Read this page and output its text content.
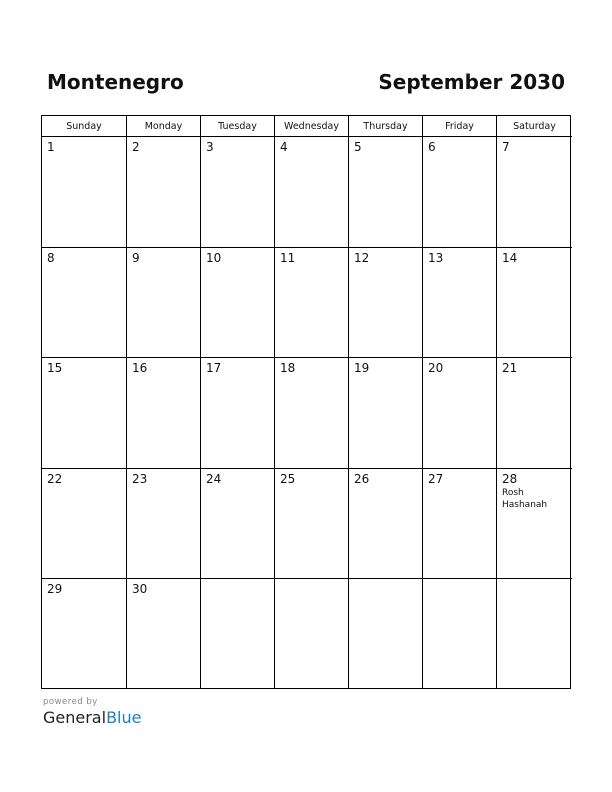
Montenegro	September 2030
Sunday	Monday	Tuesday	Wednesday	Thursday	Friday	Saturday
1	2	3	4	5	6	7
8	9	10	11	12	13	14
15	16	17	18	19	20	21
22	23	24	25	26	27	28
Rosh Hashanah
29	30
powered by
GeneralBlue
